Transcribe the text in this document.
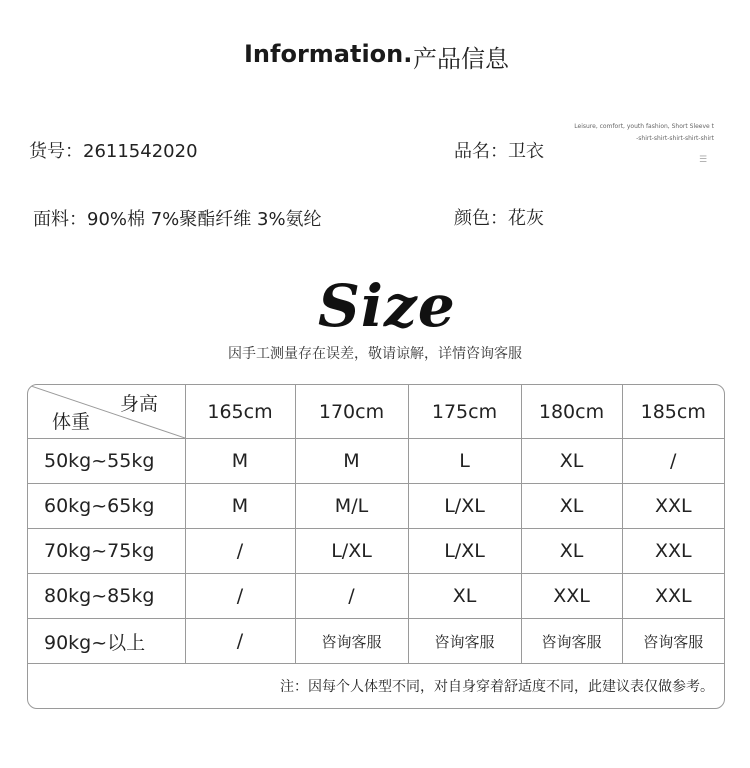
Information. 产品信息
货号：2611542020	品名：卫衣
面料：90%棉 7%聚酯纤维 3%氨纶	颜色：花灰
Leisure, comfort, youth fashion, Short Sleeve t
-shirt-shirt-shirt-shirt-shirt
☰
Size
因手工测量存在误差，敬请谅解，详情咨询客服
身高
体重	165cm	170cm	175cm	180cm	185cm
50kg~55kg	M	M	L	XL	/
60kg~65kg	M	M/L	L/XL	XL	XXL
70kg~75kg	/	L/XL	L/XL	XL	XXL
80kg~85kg	/	/	XL	XXL	XXL
90kg~以上	/	咨询客服	咨询客服	咨询客服	咨询客服
注：因每个人体型不同，对自身穿着舒适度不同，此建议表仅做参考。					
